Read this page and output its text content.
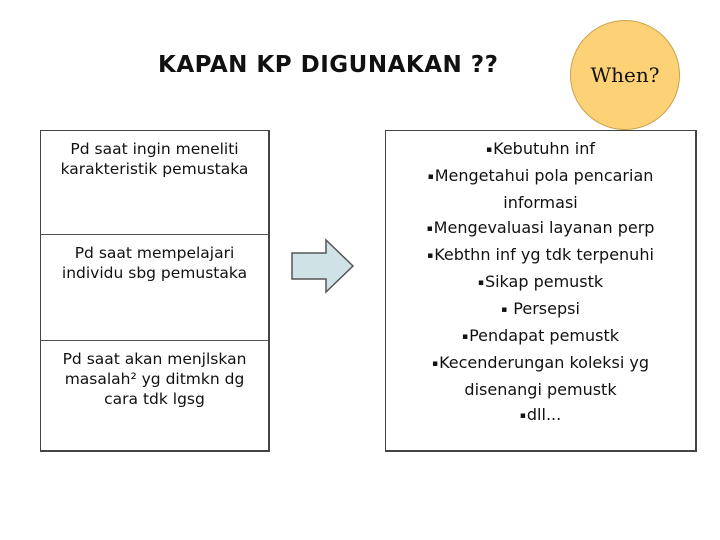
KAPAN KP DIGUNAKAN ??	When?
Pd saat ingin meneliti karakteristik pemustaka
Pd saat mempelajari individu sbg pemustaka
Pd saat akan menjlskan masalah² yg ditmkn dg cara tdk lgsg
▪Kebutuhn inf
▪Mengetahui pola pencarian informasi
▪Mengevaluasi layanan perp
▪Kebthn inf yg tdk terpenuhi
▪Sikap pemustk
▪ Persepsi
▪Pendapat pemustk
▪Kecenderungan koleksi yg disenangi pemustk
▪dll...
